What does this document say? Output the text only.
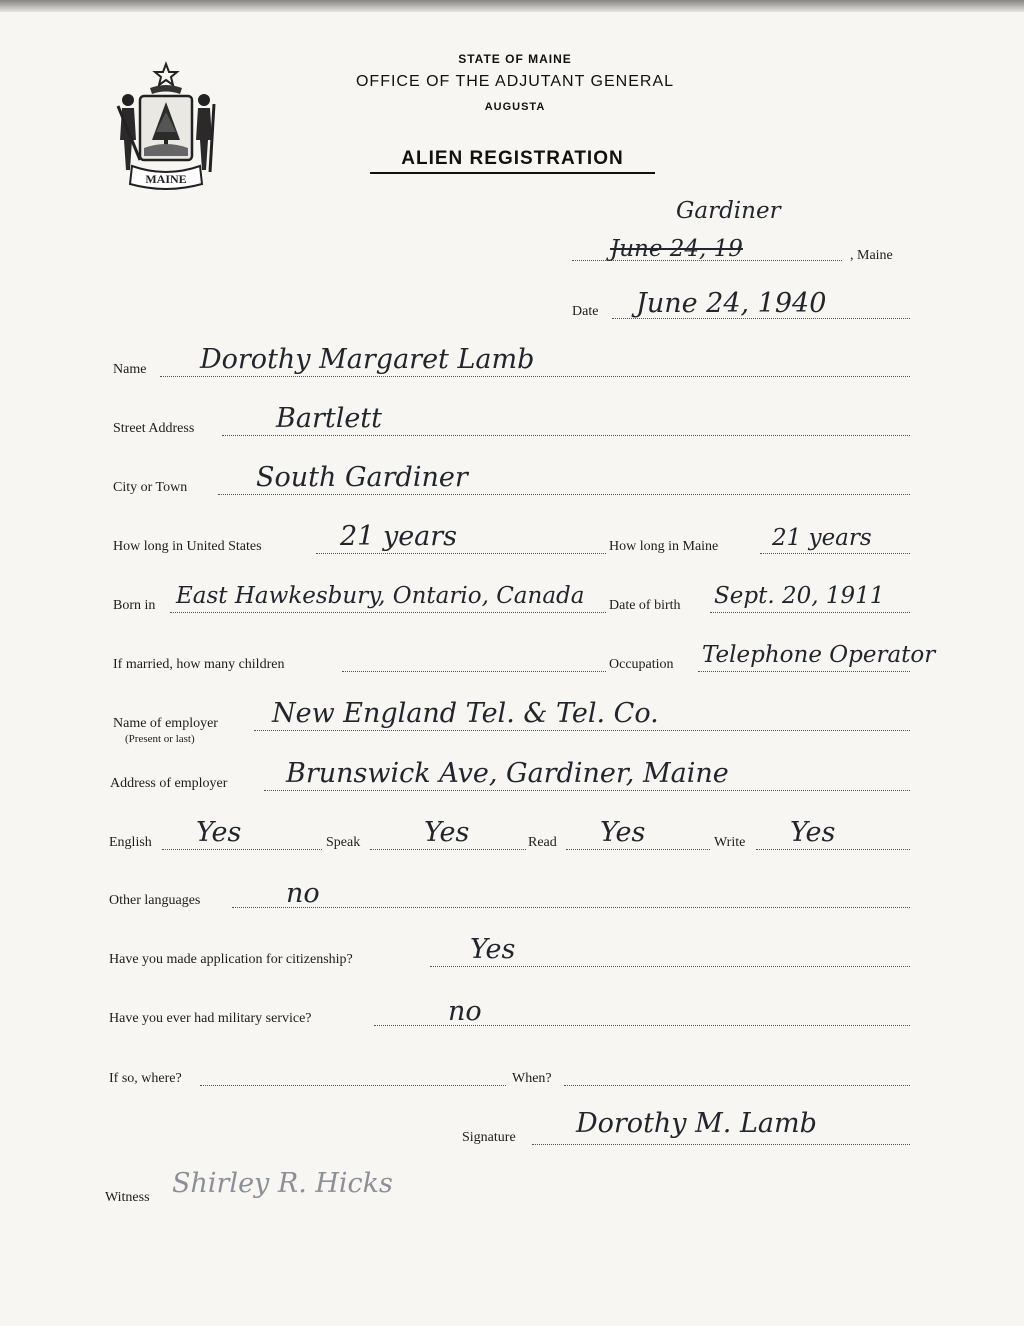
MAINE
STATE OF MAINE
OFFICE OF THE ADJUTANT GENERAL
AUGUSTA
ALIEN REGISTRATION
Gardiner
June 24, 19	, Maine
Date June 24, 1940
Name Dorothy Margaret Lamb
Street Address	Bartlett
City or Town	South Gardiner
How long in United States	21 years	How long in Maine 21 years
Born in East Hawkesbury, Ontario, Canada Date of birth Sept. 20, 1911
If married, how many children	Occupation Telephone Operator
Name of employer
(Present or last)
New England Tel. & Tel. Co.
Address of employer Brunswick Ave, Gardiner, Maine
English Yes	Speak Yes	Read Yes	Write Yes
Other languages	no
Have you made application for citizenship?	Yes
Have you ever had military service?	no
If so, where?	When?
Signature Dorothy M. Lamb
Witness Shirley R. Hicks
